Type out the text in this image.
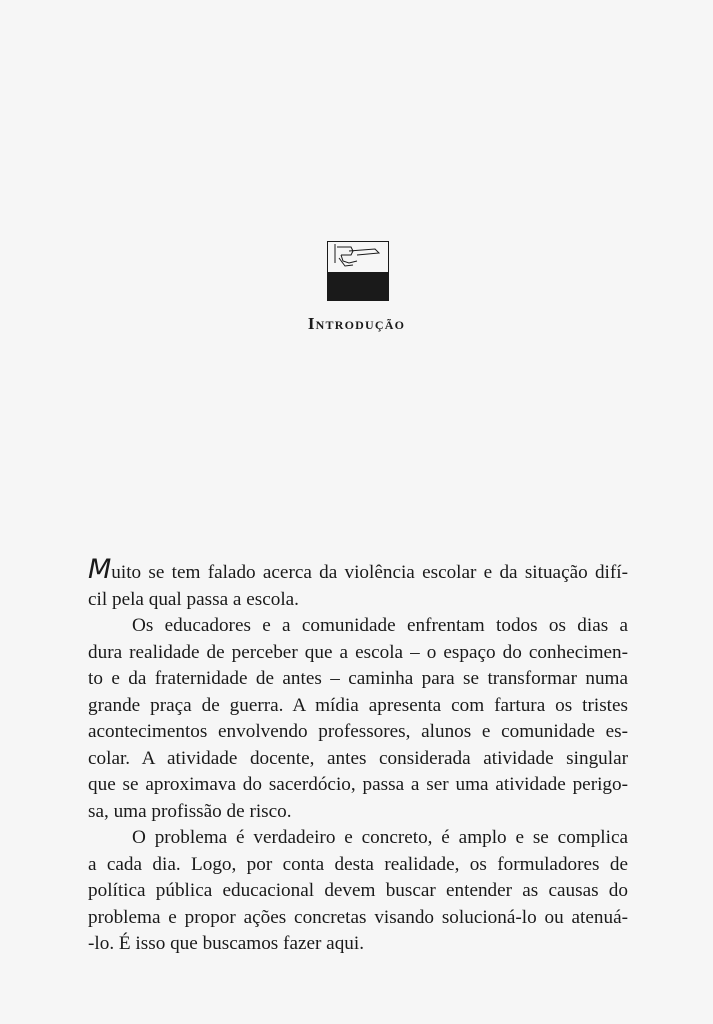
Introdução
Muito se tem falado acerca da violência escolar e da situação difí-
cil pela qual passa a escola.
Os educadores e a comunidade enfrentam todos os dias a
dura realidade de perceber que a escola – o espaço do conhecimen-
to e da fraternidade de antes – caminha para se transformar numa
grande praça de guerra. A mídia apresenta com fartura os tristes
acontecimentos envolvendo professores, alunos e comunidade es-
colar. A atividade docente, antes considerada atividade singular
que se aproximava do sacerdócio, passa a ser uma atividade perigo-
sa, uma profissão de risco.
O problema é verdadeiro e concreto, é amplo e se complica
a cada dia. Logo, por conta desta realidade, os formuladores de
política pública educacional devem buscar entender as causas do
problema e propor ações concretas visando solucioná-lo ou atenuá-
-lo. É isso que buscamos fazer aqui.
